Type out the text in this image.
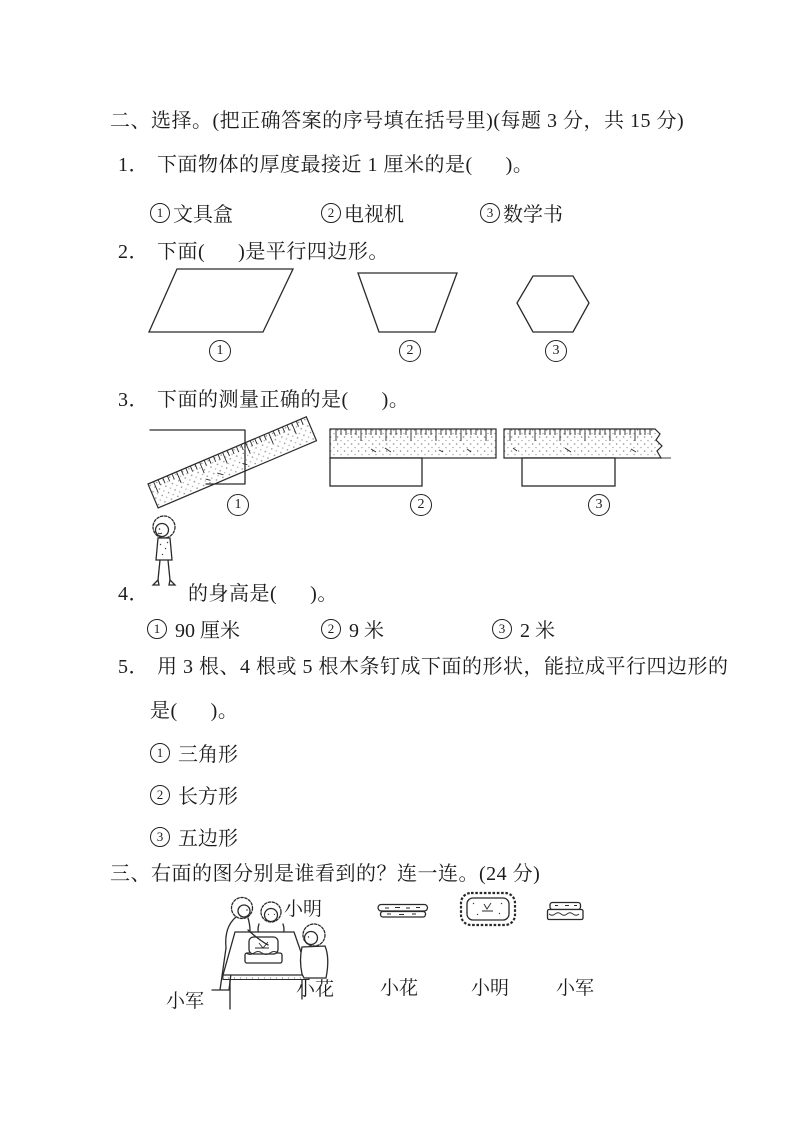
二、选择。(把正确答案的序号填在括号里)(每题 3 分，共 15 分)
1． 下面物体的厚度最接近 1 厘米的是(      )。
1 文具盒	2 电视机	3 数学书
2． 下面(      )是平行四边形。
1	2	3
3． 下面的测量正确的是(      )。
1	2	3
4． 的身高是(      )。
1 90 厘米	2 9 米	3 2 米
5． 用 3 根、4 根或 5 根木条钉成下面的形状，能拉成平行四边形的
是(      )。
1 三角形
2 长方形
3 五边形
三、右面的图分别是谁看到的？连一连。(24 分)
小明
小军
小花 小花	小明 小军
